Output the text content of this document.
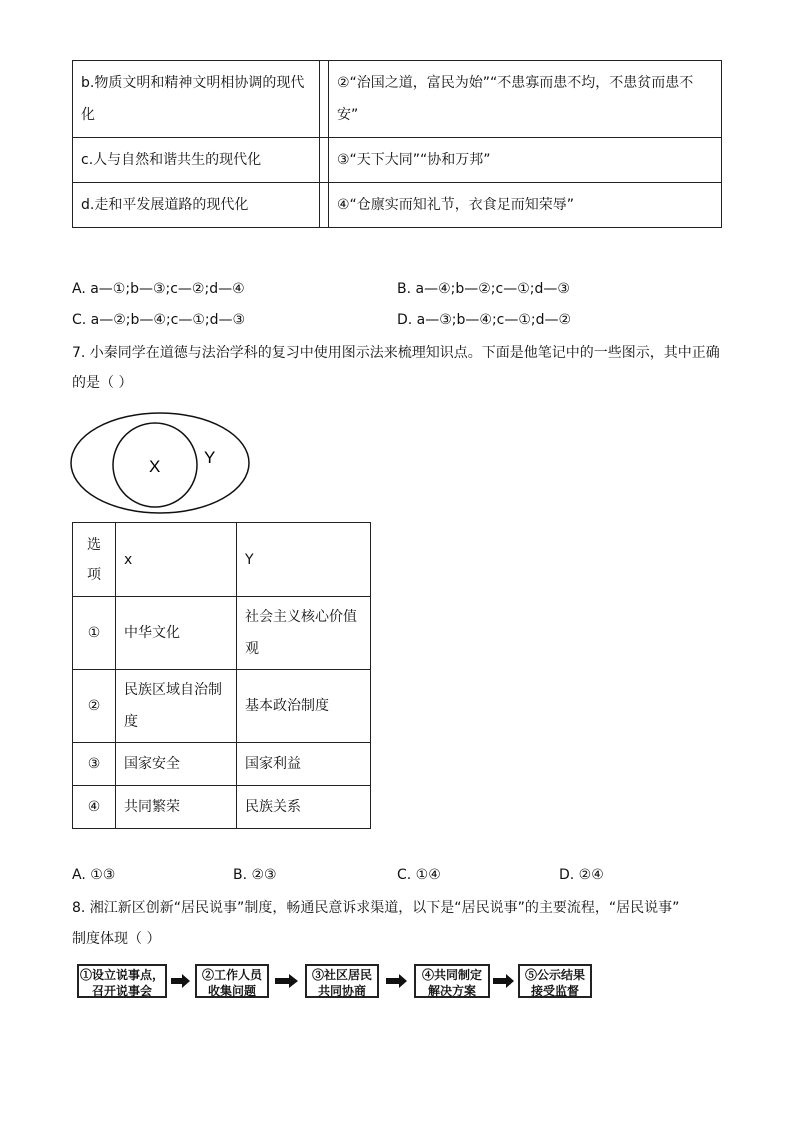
b.物质文明和精神文明相协调的现代化		②“治国之道，富民为始”“不患寡而患不均，不患贫而患不安”
c.人与自然和谐共生的现代化		③“天下大同”“协和万邦”
d.走和平发展道路的现代化		④“仓廪实而知礼节，衣食足而知荣辱”
A. a—①;b—③;c—②;d—④	B. a—④;b—②;c—①;d—③
C. a—②;b—④;c—①;d—③	D. a—③;b—④;c—①;d—②
7. 小秦同学在道德与法治学科的复习中使用图示法来梳理知识点。下面是他笔记中的一些图示，其中正确
的是（ ）
X	Y
选项	x	Y
①	中华文化	社会主义核心价值观
②	民族区域自治制度	基本政治制度
③	国家安全	国家利益
④	共同繁荣	民族关系
A. ①③	B. ②③	C. ①④	D. ②④
8. 湘江新区创新“居民说事”制度，畅通民意诉求渠道，以下是“居民说事”的主要流程，“居民说事”
制度体现（ ）
①设立说事点，
召开说事会
②工作人员
收集问题
③社区居民
共同协商
④共同制定
解决方案
⑤公示结果
接受监督
